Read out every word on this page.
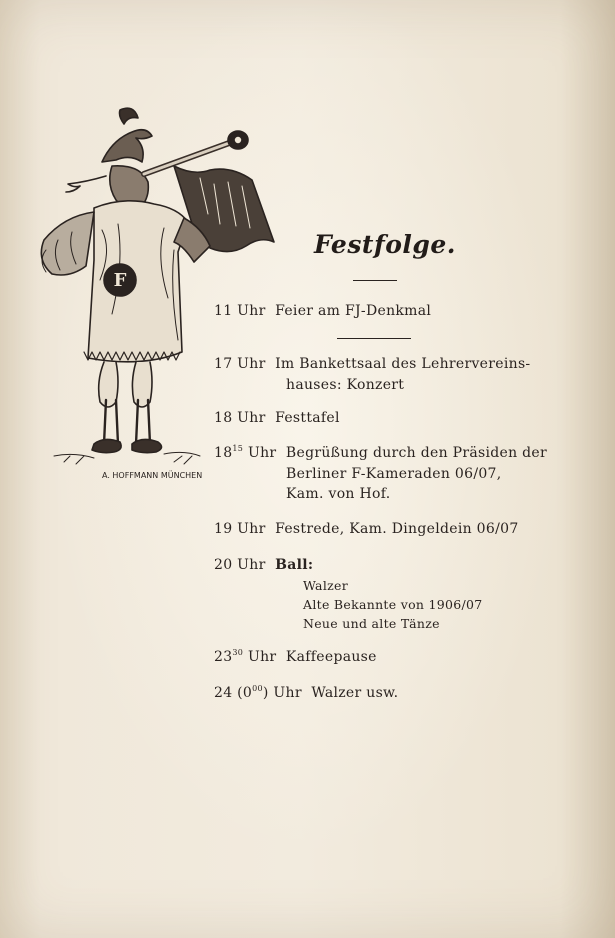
F
A. HOFFMANN MÜNCHEN
Festfolge.
11 Uhr Feier am FJ-Denkmal
17 Uhr Im Bankettsaal des Lehrervereins-
hauses: Konzert
18 Uhr Festtafel
$18^{15}$ Uhr Begrüßung durch den Präsiden der
Berliner F-Kameraden 06/07,
Kam. von Hof.
19 Uhr Festrede, Kam. Dingeldein 06/07
20 Uhr Ball:
Walzer
Alte Bekannte von 1906/07
Neue und alte Tänze
$23^{30}$ Uhr Kaffeepause
24 $(0^{00})$ Uhr Walzer usw.
